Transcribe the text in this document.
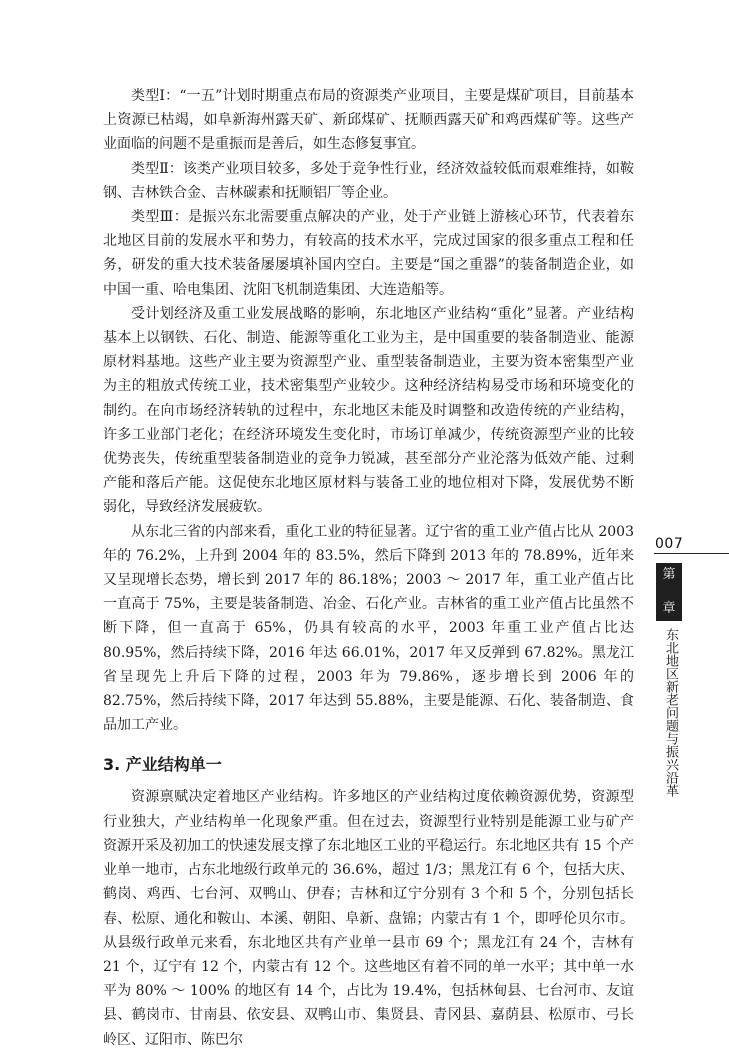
类型Ⅰ：“一五”计划时期重点布局的资源类产业项目，主要是煤矿项目，目前基本上资源已枯竭，如阜新海州露天矿、新邱煤矿、抚顺西露天矿和鸡西煤矿等。这些产业面临的问题不是重振而是善后，如生态修复事宜。

类型Ⅱ：该类产业项目较多，多处于竞争性行业，经济效益较低而艰难维持，如鞍钢、吉林铁合金、吉林碳素和抚顺铝厂等企业。

类型Ⅲ：是振兴东北需要重点解决的产业，处于产业链上游核心环节，代表着东北地区目前的发展水平和势力，有较高的技术水平，完成过国家的很多重点工程和任务，研发的重大技术装备屡屡填补国内空白。主要是“国之重器”的装备制造企业，如中国一重、哈电集团、沈阳飞机制造集团、大连造船等。

受计划经济及重工业发展战略的影响，东北地区产业结构“重化”显著。产业结构基本上以钢铁、石化、制造、能源等重化工业为主，是中国重要的装备制造业、能源原材料基地。这些产业主要为资源型产业、重型装备制造业，主要为资本密集型产业为主的粗放式传统工业，技术密集型产业较少。这种经济结构易受市场和环境变化的制约。在向市场经济转轨的过程中，东北地区未能及时调整和改造传统的产业结构，许多工业部门老化；在经济环境发生变化时，市场订单减少，传统资源型产业的比较优势丧失，传统重型装备制造业的竞争力锐减，甚至部分产业沦落为低效产能、过剩产能和落后产能。这促使东北地区原材料与装备工业的地位相对下降，发展优势不断弱化，导致经济发展疲软。

从东北三省的内部来看，重化工业的特征显著。辽宁省的重工业产值占比从 2003 年的 76.2%，上升到 2004 年的 83.5%，然后下降到 2013 年的 78.89%，近年来又呈现增长态势，增长到 2017 年的 86.18%；2003 ～ 2017 年，重工业产值占比一直高于 75%，主要是装备制造、冶金、石化产业。吉林省的重工业产值占比虽然不断下降，但一直高于 65%，仍具有较高的水平，2003 年重工业产值占比达 80.95%，然后持续下降，2016 年达 66.01%，2017 年又反弹到 67.82%。黑龙江省呈现先上升后下降的过程，2003 年为 79.86%，逐步增长到 2006 年的 82.75%，然后持续下降，2017 年达到 55.88%，主要是能源、石化、装备制造、食品加工产业。

3. 产业结构单一

资源禀赋决定着地区产业结构。许多地区的产业结构过度依赖资源优势，资源型行业独大，产业结构单一化现象严重。但在过去，资源型行业特别是能源工业与矿产资源开采及初加工的快速发展支撑了东北地区工业的平稳运行。东北地区共有 15 个产业单一地市，占东北地级行政单元的 36.6%，超过 1/3；黑龙江有 6 个，包括大庆、鹤岗、鸡西、七台河、双鸭山、伊春；吉林和辽宁分别有 3 个和 5 个，分别包括长春、松原、通化和鞍山、本溪、朝阳、阜新、盘锦；内蒙古有 1 个，即呼伦贝尔市。从县级行政单元来看，东北地区共有产业单一县市 69 个；黑龙江有 24 个，吉林有 21 个，辽宁有 12 个，内蒙古有 12 个。这些地区有着不同的单一水平；其中单一水平为 80% ～ 100% 的地区有 14 个，占比为 19.4%，包括林甸县、七台河市、友谊县、鹤岗市、甘南县、依安县、双鸭山市、集贤县、青冈县、嘉荫县、松原市、弓长岭区、辽阳市、陈巴尔

007
第
章
东北地区新老问题与振兴沿革
